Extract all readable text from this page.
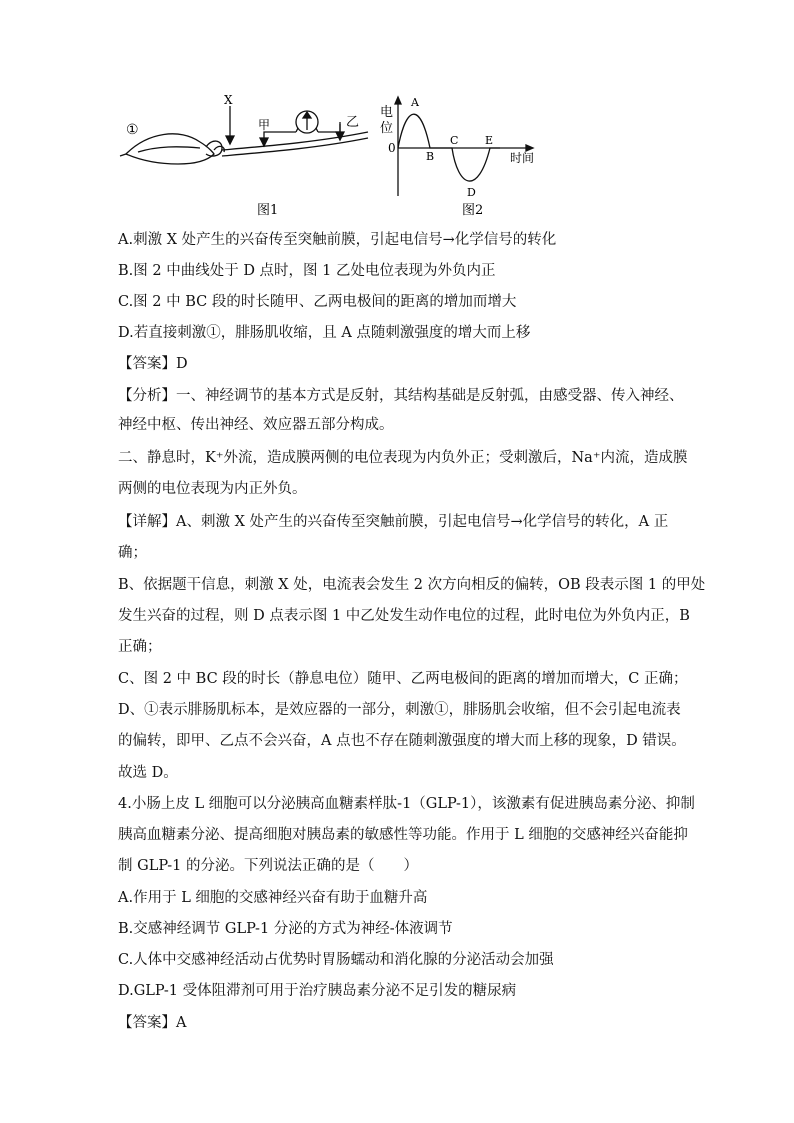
①
X
甲	乙
图1
电
位
0
A
B
C E
D
时间
图2
A.刺激 X 处产生的兴奋传至突触前膜，引起电信号→化学信号的转化
B.图 2 中曲线处于 D 点时，图 1 乙处电位表现为外负内正
C.图 2 中 BC 段的时长随甲、乙两电极间的距离的增加而增大
D.若直接刺激①，腓肠肌收缩，且 A 点随刺激强度的增大而上移
【答案】D
【分析】一、神经调节的基本方式是反射，其结构基础是反射弧，由感受器、传入神经、
神经中枢、传出神经、效应器五部分构成。
二、静息时，K⁺外流，造成膜两侧的电位表现为内负外正；受刺激后，Na⁺内流，造成膜
两侧的电位表现为内正外负。
【详解】A、刺激 X 处产生的兴奋传至突触前膜，引起电信号→化学信号的转化，A 正
确；
B、依据题干信息，刺激 X 处，电流表会发生 2 次方向相反的偏转，OB 段表示图 1 的甲处
发生兴奋的过程，则 D 点表示图 1 中乙处发生动作电位的过程，此时电位为外负内正，B
正确；
C、图 2 中 BC 段的时长（静息电位）随甲、乙两电极间的距离的增加而增大，C 正确；
D、①表示腓肠肌标本，是效应器的一部分，刺激①，腓肠肌会收缩，但不会引起电流表
的偏转，即甲、乙点不会兴奋，A 点也不存在随刺激强度的增大而上移的现象，D 错误。
故选 D。
4.小肠上皮 L 细胞可以分泌胰高血糖素样肽-1（GLP-1），该激素有促进胰岛素分泌、抑制
胰高血糖素分泌、提高细胞对胰岛素的敏感性等功能。作用于 L 细胞的交感神经兴奋能抑
制 GLP-1 的分泌。下列说法正确的是（　　）
A.作用于 L 细胞的交感神经兴奋有助于血糖升高
B.交感神经调节 GLP-1 分泌的方式为神经-体液调节
C.人体中交感神经活动占优势时胃肠蠕动和消化腺的分泌活动会加强
D.GLP-1 受体阻滞剂可用于治疗胰岛素分泌不足引发的糖尿病
【答案】A
